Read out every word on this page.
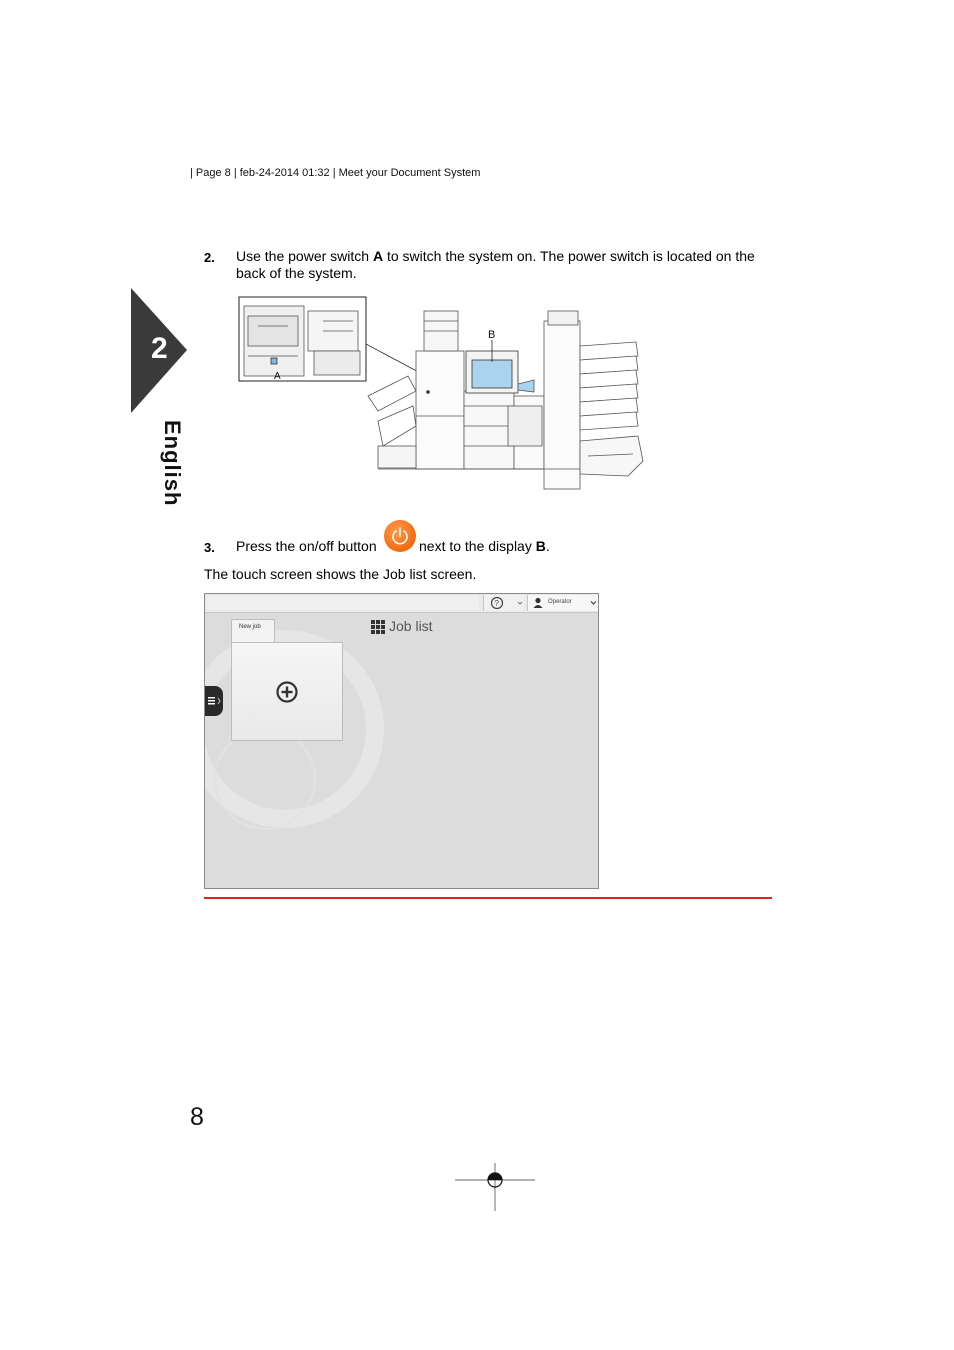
| Page 8 | feb-24-2014 01:32 | Meet your Document System
2
English
2. Use the power switch A to switch the system on. The power switch is located on the back of the system.
A
B
3. Press the on/off button	next to the display B.
The touch screen shows the Job list screen.
?	Operator
Job list
New job
8
